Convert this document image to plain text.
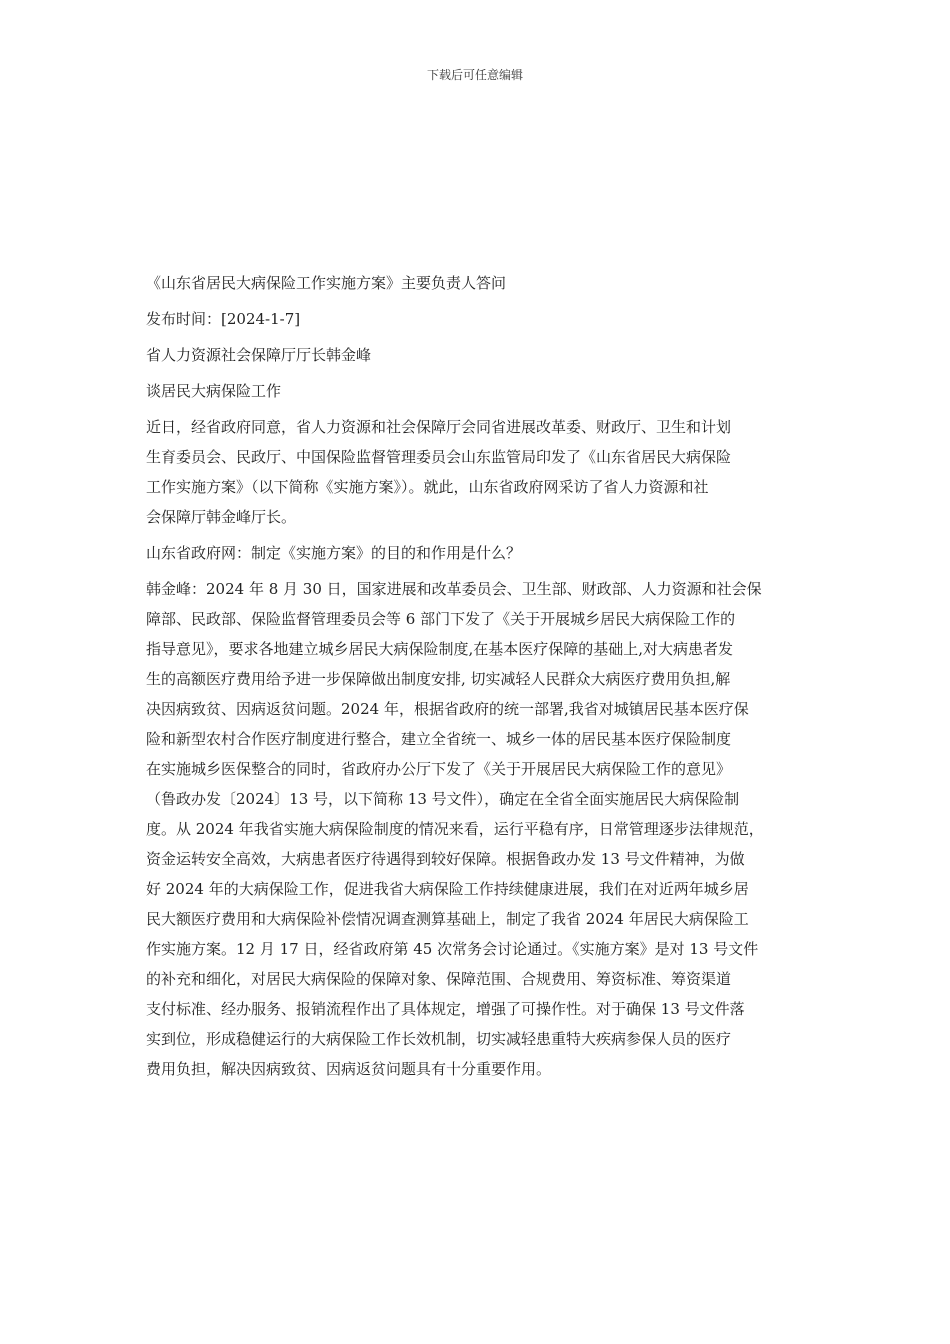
下载后可任意编辑

《山东省居民大病保险工作实施方案》主要负责人答问

发布时间：[2024-1-7]

省人力资源社会保障厅厅长韩金峰

谈居民大病保险工作

近日，经省政府同意，省人力资源和社会保障厅会同省进展改革委、财政厅、卫生和计划

生育委员会、民政厅、中国保险监督管理委员会山东监管局印发了《山东省居民大病保险

工作实施方案》（以下简称《实施方案》）。就此，山东省政府网采访了省人力资源和社

会保障厅韩金峰厅长。

山东省政府网：制定《实施方案》的目的和作用是什么？

韩金峰：2024 年 8 月 30 日，国家进展和改革委员会、卫生部、财政部、人力资源和社会保

障部、民政部、保险监督管理委员会等 6 部门下发了《关于开展城乡居民大病保险工作的

指导意见》，要求各地建立城乡居民大病保险制度,在基本医疗保障的基础上,对大病患者发

生的高额医疗费用给予进一步保障做出制度安排, 切实减轻人民群众大病医疗费用负担,解

决因病致贫、因病返贫问题。2024 年，根据省政府的统一部署,我省对城镇居民基本医疗保

险和新型农村合作医疗制度进行整合，建立全省统一、城乡一体的居民基本医疗保险制度

在实施城乡医保整合的同时，省政府办公厅下发了《关于开展居民大病保险工作的意见》

（鲁政办发〔2024〕13 号，以下简称 13 号文件），确定在全省全面实施居民大病保险制

度。从 2024 年我省实施大病保险制度的情况来看，运行平稳有序，日常管理逐步法律规范，

资金运转安全高效，大病患者医疗待遇得到较好保障。根据鲁政办发 13 号文件精神，为做

好 2024 年的大病保险工作，促进我省大病保险工作持续健康进展，我们在对近两年城乡居

民大额医疗费用和大病保险补偿情况调查测算基础上，制定了我省 2024 年居民大病保险工

作实施方案。12 月 17 日，经省政府第 45 次常务会讨论通过。《实施方案》是对 13 号文件

的补充和细化，对居民大病保险的保障对象、保障范围、合规费用、筹资标准、筹资渠道

支付标准、经办服务、报销流程作出了具体规定，增强了可操作性。对于确保 13 号文件落

实到位，形成稳健运行的大病保险工作长效机制，切实减轻患重特大疾病参保人员的医疗

费用负担，解决因病致贫、因病返贫问题具有十分重要作用。
